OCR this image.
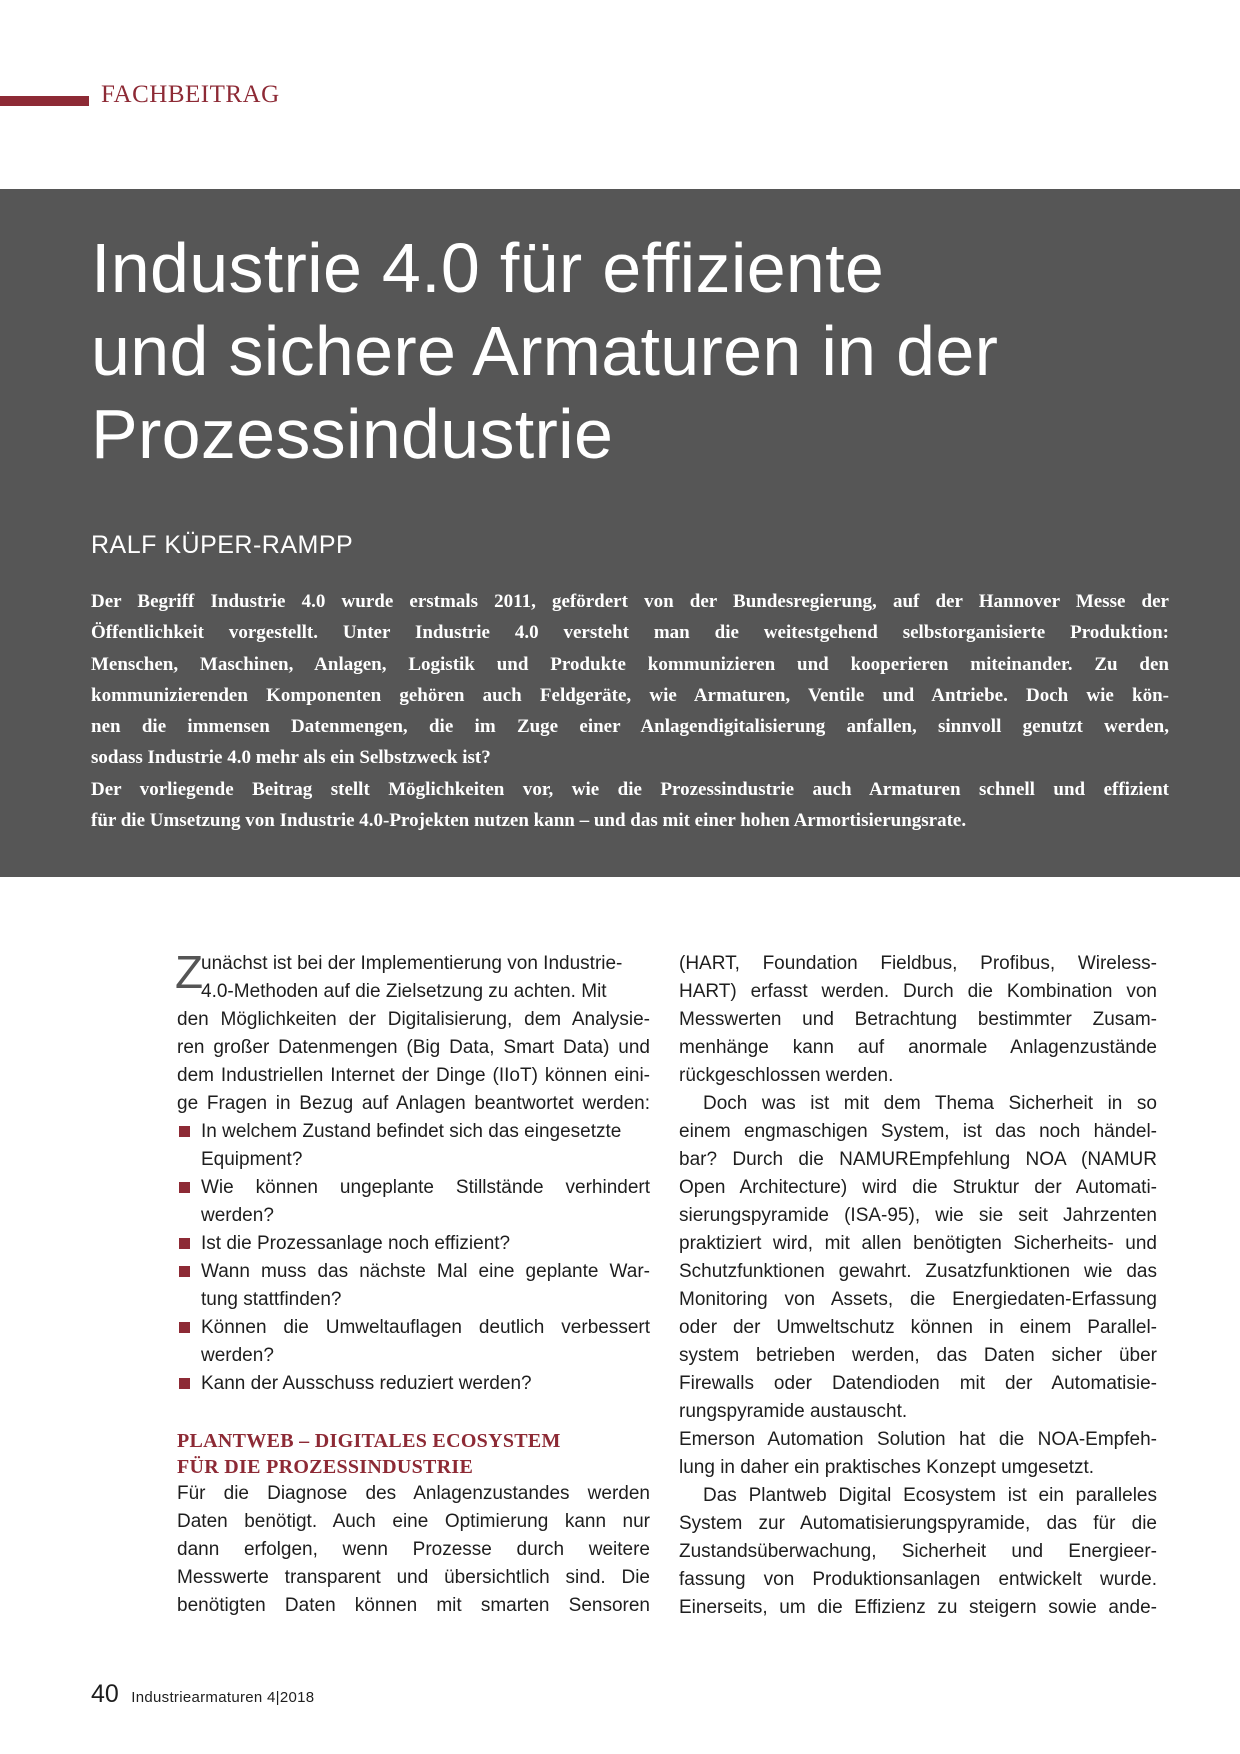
FACHBEITRAG
Industrie 4.0 für effiziente
und sichere Armaturen in der
Prozessindustrie
RALF KÜPER-RAMPP
Der Begriff Industrie 4.0 wurde erstmals 2011, gefördert von der Bundesregierung, auf der Hannover Messe der
Öffentlichkeit vorgestellt. Unter Industrie 4.0 versteht man die weitestgehend selbstorganisierte Produktion:
Menschen, Maschinen, Anlagen, Logistik und Produkte kommunizieren und kooperieren miteinander. Zu den
kommunizierenden Komponenten gehören auch Feldgeräte, wie Armaturen, Ventile und Antriebe. Doch wie kön-
nen die immensen Datenmengen, die im Zuge einer Anlagendigitalisierung anfallen, sinnvoll genutzt werden,
sodass Industrie 4.0 mehr als ein Selbstzweck ist?
Der vorliegende Beitrag stellt Möglichkeiten vor, wie die Prozessindustrie auch Armaturen schnell und effizient
für die Umsetzung von Industrie 4.0-Projekten nutzen kann – und das mit einer hohen Armortisierungsrate.
Z
unächst ist bei der Implementierung von Industrie-
4.0-Methoden auf die Zielsetzung zu achten. Mit
den Möglichkeiten der Digitalisierung, dem Analysie-
ren großer Datenmengen (Big Data, Smart Data) und
dem Industriellen Internet der Dinge (IIoT) können eini-
ge Fragen in Bezug auf Anlagen beantwortet werden:
In welchem Zustand befindet sich das eingesetzte
Equipment?
Wie können ungeplante Stillstände verhindert
werden?
Ist die Prozessanlage noch effizient?
Wann muss das nächste Mal eine geplante War-
tung stattfinden?
Können die Umweltauflagen deutlich verbessert
werden?
Kann der Ausschuss reduziert werden?
PLANTWEB – DIGITALES ECOSYSTEM
FÜR DIE PROZESSINDUSTRIE
Für die Diagnose des Anlagenzustandes werden
Daten benötigt. Auch eine Optimierung kann nur
dann erfolgen, wenn Prozesse durch weitere
Messwerte transparent und übersichtlich sind. Die
benötigten Daten können mit smarten Sensoren
(HART, Foundation Fieldbus, Profibus, Wireless-
HART) erfasst werden. Durch die Kombination von
Messwerten und Betrachtung bestimmter Zusam-
menhänge kann auf anormale Anlagenzustände
rückgeschlossen werden.
Doch was ist mit dem Thema Sicherheit in so
einem engmaschigen System, ist das noch händel-
bar? Durch die NAMUREmpfehlung NOA (NAMUR
Open Architecture) wird die Struktur der Automati-
sierungspyramide (ISA-95), wie sie seit Jahrzenten
praktiziert wird, mit allen benötigten Sicherheits- und
Schutzfunktionen gewahrt. Zusatzfunktionen wie das
Monitoring von Assets, die Energiedaten-Erfassung
oder der Umweltschutz können in einem Parallel-
system betrieben werden, das Daten sicher über
Firewalls oder Datendioden mit der Automatisie-
rungspyramide austauscht.
Emerson Automation Solution hat die NOA-Empfeh-
lung in daher ein praktisches Konzept umgesetzt.
Das Plantweb Digital Ecosystem ist ein paralleles
System zur Automatisierungspyramide, das für die
Zustandsüberwachung, Sicherheit und Energieer-
fassung von Produktionsanlagen entwickelt wurde.
Einerseits, um die Effizienz zu steigern sowie ande-
40 Industriearmaturen 4|2018
